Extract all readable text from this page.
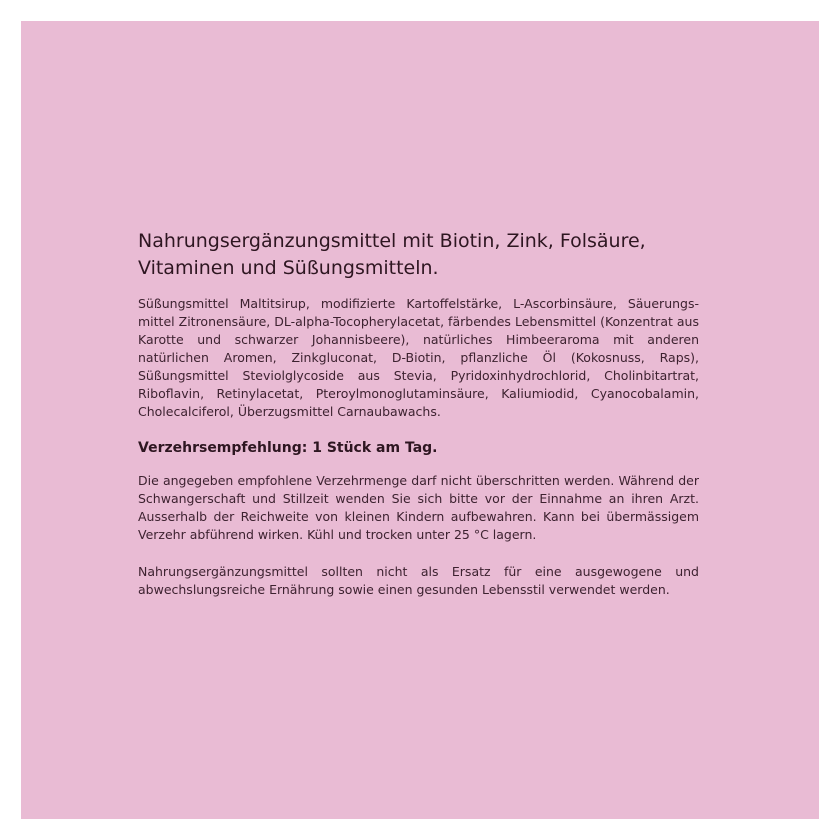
Nahrungsergänzungsmittel mit Biotin, Zink, Folsäure, Vitaminen und Süßungsmitteln.

Süßungsmittel Maltitsirup, modifizierte Kartoffelstärke, L-Ascorbinsäure, Säuerungs-mittel Zitronensäure, DL-alpha-Tocopherylacetat, färbendes Lebensmittel (Konzentrat aus Karotte und schwarzer Johannisbeere), natürliches Himbeeraroma mit anderen natürlichen Aromen, Zinkgluconat, D-Biotin, pflanzliche Öl (Kokosnuss, Raps), Süßungsmittel Steviolglycoside aus Stevia, Pyridoxinhydrochlorid, Cholinbitartrat, Riboflavin, Retinylacetat, Pteroylmonoglutaminsäure, Kaliumiodid, Cyanocobalamin, Cholecalciferol, Überzugsmittel Carnaubawachs.

Verzehrsempfehlung: 1 Stück am Tag.

Die angegeben empfohlene Verzehrmenge darf nicht überschritten werden. Während der Schwangerschaft und Stillzeit wenden Sie sich bitte vor der Einnahme an ihren Arzt. Ausserhalb der Reichweite von kleinen Kindern aufbewahren. Kann bei übermässigem Verzehr abführend wirken. Kühl und trocken unter 25 °C lagern.

Nahrungsergänzungsmittel sollten nicht als Ersatz für eine ausgewogene und abwechslungsreiche Ernährung sowie einen gesunden Lebensstil verwendet werden.
